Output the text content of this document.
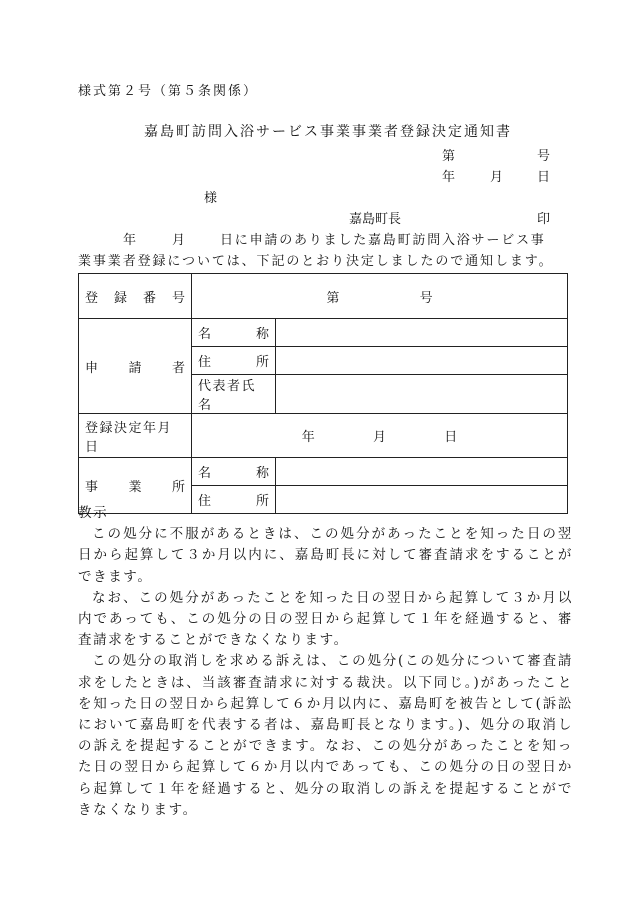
様式第２号（第５条関係）
嘉島町訪問入浴サービス事業事業者登録決定通知書
第	号
年	月	日
様
嘉島町長	印
年	月	日に申請のありました嘉島町訪問入浴サービス事
業事業者登録については、下記のとおり決定しましたので通知します。
登 録 番 号	第 号	

申 請 者	名 称	

	住 所	

	代表者氏名	
登録決定年月日	年 月 日	

事 業 所	名 称	

	住 所	

教示

この処分に不服があるときは、この処分があったことを知った日の翌日から起算して３か月以内に、嘉島町長に対して審査請求をすることができます。

なお、この処分があったことを知った日の翌日から起算して３か月以内であっても、この処分の日の翌日から起算して１年を経過すると、審査請求をすることができなくなります。

この処分の取消しを求める訴えは、この処分(この処分について審査請求をしたときは、当該審査請求に対する裁決。以下同じ。)があったことを知った日の翌日から起算して６か月以内に、嘉島町を被告として(訴訟において嘉島町を代表する者は、嘉島町長となります。)、処分の取消しの訴えを提起することができます。なお、この処分があったことを知った日の翌日から起算して６か月以内であっても、この処分の日の翌日から起算して１年を経過すると、処分の取消しの訴えを提起することができなくなります。
